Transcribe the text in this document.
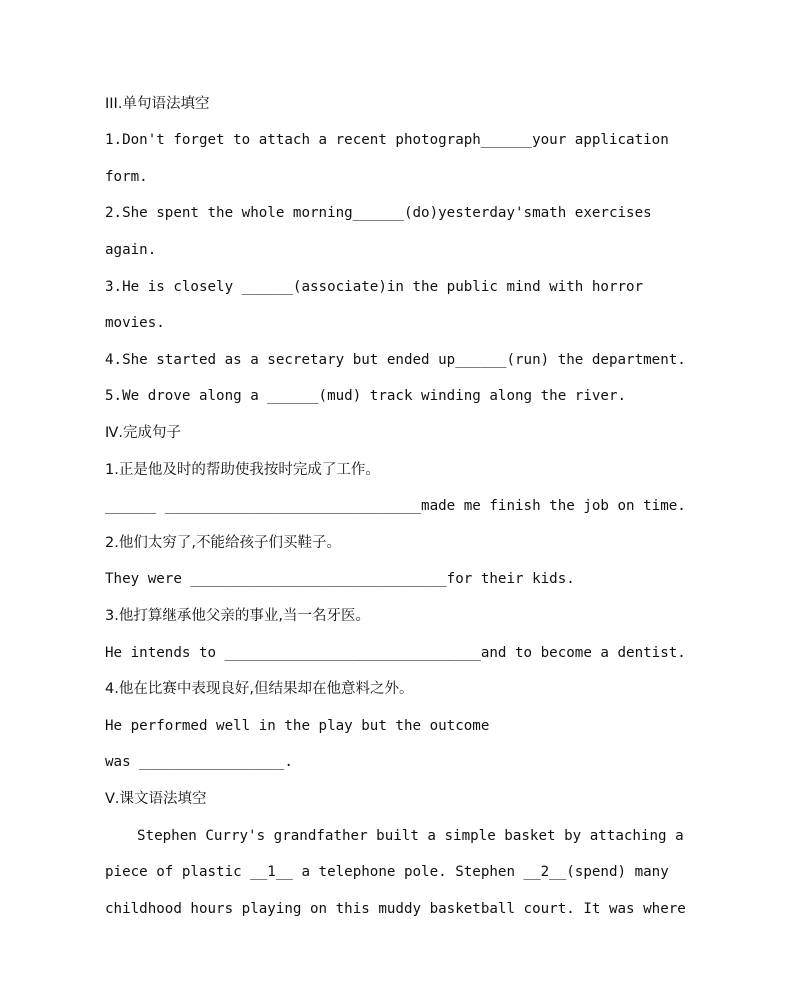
III.单句语法填空
1.Don't forget to attach a recent photograph______your application
form.
2.She spent the whole morning______(do)yesterday'smath exercises
again.
3.He is closely ______(associate)in the public mind with horror
movies.
4.She started as a secretary but ended up______(run) the department.
5.We drove along a ______(mud) track winding along the river.
Ⅳ.完成句子
1.正是他及时的帮助使我按时完成了工作。
______ ______________________________made me finish the job on time.
2.他们太穷了,不能给孩子们买鞋子。
They were ______________________________for their kids.
3.他打算继承他父亲的事业,当一名牙医。
He intends to ______________________________and to become a dentist.
4.他在比赛中表现良好,但结果却在他意料之外。
He performed well in the play but the outcome
was _________________.
Ⅴ.课文语法填空
Stephen Curry's grandfather built a simple basket by attaching a
piece of plastic __1__ a telephone pole. Stephen __2__(spend) many
childhood hours playing on this muddy basketball court. It was where
